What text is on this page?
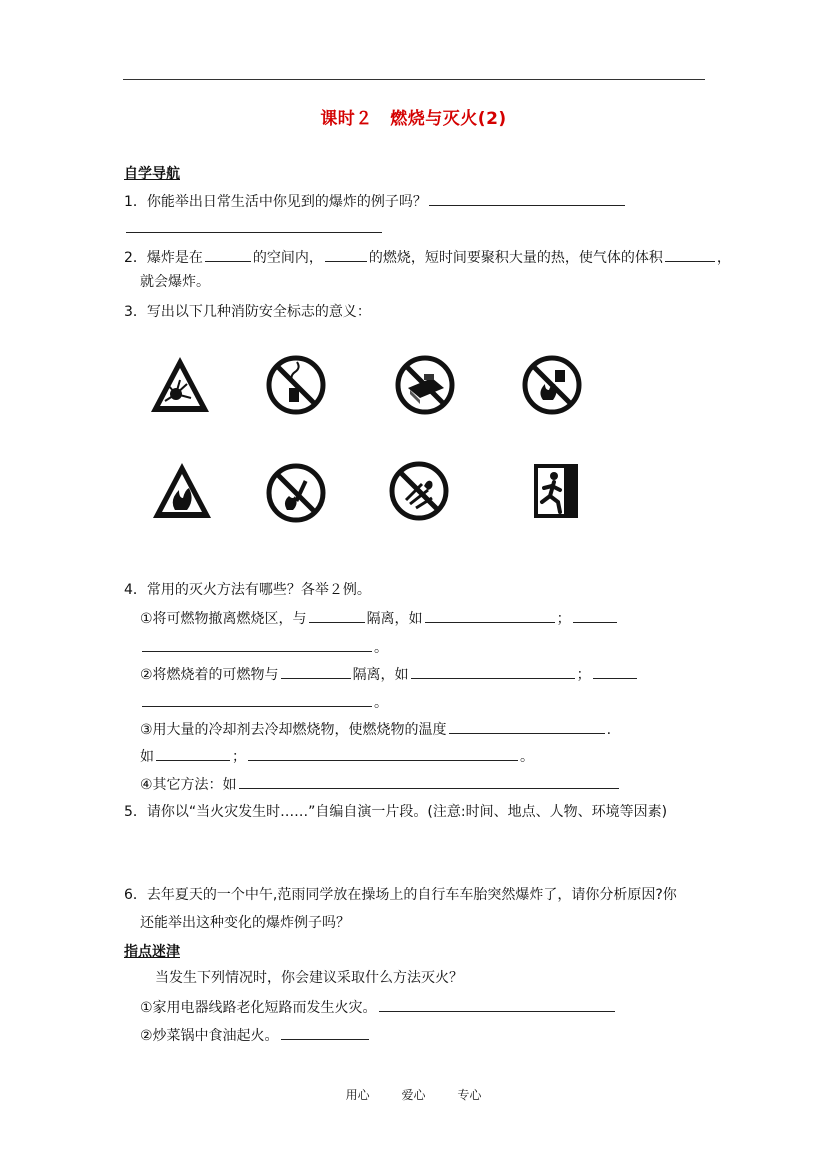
课时２　燃烧与灭火(2)
自学导航
1．你能举出日常生活中你见到的爆炸的例子吗？
2．爆炸是在	的空间内，	的燃烧，短时间要聚积大量的热，使气体的体积	，
就会爆炸。
3．写出以下几种消防安全标志的意义：
4．常用的灭火方法有哪些？各举２例。
①将可燃物撤离燃烧区，与	隔离，如	；
。
②将燃烧着的可燃物与	隔离，如	；
。
③用大量的冷却剂去冷却燃烧物，使燃烧物的温度	.
如	；	。
④其它方法：如
5．请你以“当火灾发生时……”自编自演一片段。(注意:时间、地点、人物、环境等因素)
6．去年夏天的一个中午,范雨同学放在操场上的自行车车胎突然爆炸了，请你分析原因?你
还能举出这种变化的爆炸例子吗？
指点迷津
当发生下列情况时，你会建议采取什么方法灭火？
①家用电器线路老化短路而发生火灾。
②炒菜锅中食油起火。
用心	爱心	专心
